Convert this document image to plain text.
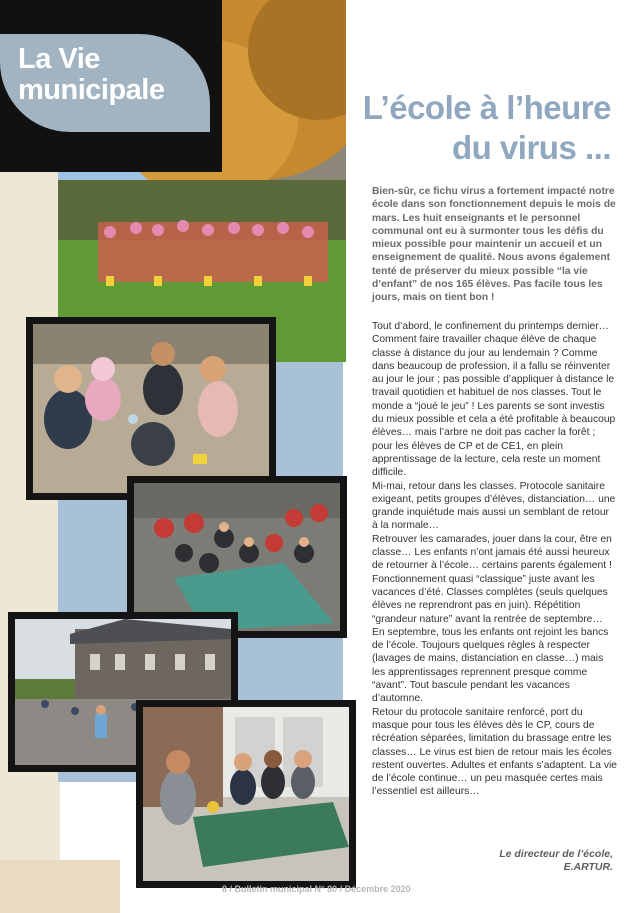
La Vie
municipale	L’école à l’heure
du virus ...
Bien-sûr, ce fichu virus a fortement impacté notre école dans son fonctionnement depuis le mois de mars. Les huit enseignants et le personnel communal ont eu à surmonter tous les défis du mieux possible pour maintenir un accueil et un enseignement de qualité. Nous avons également tenté de préserver du mieux possible “la vie d’enfant” de nos 165 élèves. Pas facile tous les jours, mais on tient bon !

Tout d’abord, le confinement du printemps dernier… Comment faire travailler chaque élève de chaque classe à distance du jour au lendemain ? Comme dans beaucoup de profession, il a fallu se réinventer au jour le jour ; pas possible d’appliquer à distance le travail quotidien et habituel de nos classes. Tout le monde a “joué le jeu” ! Les parents se sont investis du mieux possible et cela a été profitable à beaucoup élèves… mais l’arbre ne doit pas cacher la forêt ; pour les élèves de CP et de CE1, en plein apprentissage de la lecture, cela reste un moment difficile.

Mi-mai, retour dans les classes. Protocole sanitaire exigeant, petits groupes d’élèves, distanciation… une grande inquiétude mais aussi un semblant de retour à la normale…

Retrouver les camarades, jouer dans la cour, être en classe… Les enfants n’ont jamais été aussi heureux de retourner à l’école… certains parents également !

Fonctionnement quasi “classique” juste avant les vacances d’été. Classes complètes (seuls quelques élèves ne reprendront pas en juin). Répétition “grandeur nature” avant la rentrée de septembre…

En septembre, tous les enfants ont rejoint les bancs de l’école. Toujours quelques règles à respecter (lavages de mains, distanciation en classe…) mais les apprentissages reprennent presque comme “avant”. Tout bascule pendant les vacances d’automne.

Retour du protocole sanitaire renforcé, port du masque pour tous les élèves dès le CP, cours de récréation séparées, limitation du brassage entre les classes… Le virus est bien de retour mais les écoles restent ouvertes. Adultes et enfants s’adaptent. La vie de l’école continue… un peu masquée certes mais l’essentiel est ailleurs…

Le directeur de l’école,
E.ARTUR.
8 / Bulletin municipal N° 80 / Décembre 2020
